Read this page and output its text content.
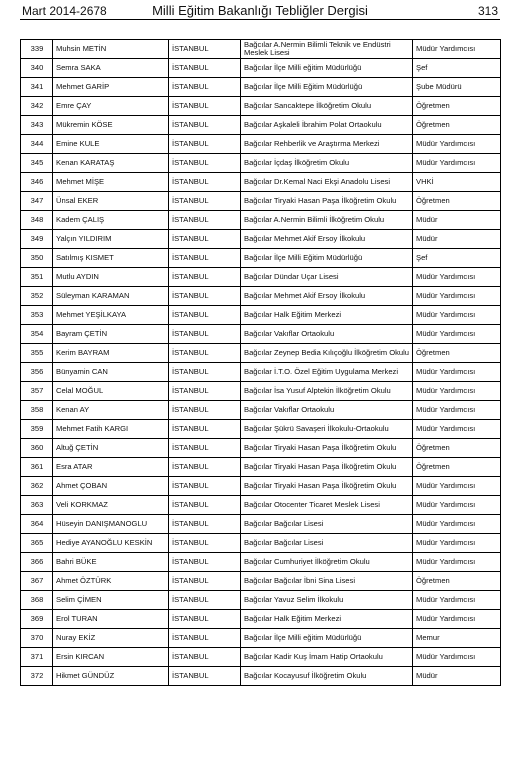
Mart 2014-2678	Milli Eğitim Bakanlığı Tebliğler Dergisi	313
339	Muhsin METİN	İSTANBUL	Bağcılar A.Nermin Bilimli Teknik ve Endüstri Meslek Lisesi	Müdür Yardımcısı
340	Semra SAKA	İSTANBUL	Bağcılar İlçe Milli eğitim Müdürlüğü	Şef
341	Mehmet GARİP	İSTANBUL	Bağcılar İlçe Milli Eğitim Müdürlüğü	Şube Müdürü
342	Emre ÇAY	İSTANBUL	Bağcılar Sancaktepe İlköğretim Okulu	Öğretmen
343	Mükremin KÖSE	İSTANBUL	Bağcılar Aşkaleli İbrahim Polat Ortaokulu	Öğretmen
344	Emine KULE	İSTANBUL	Bağcılar Rehberlik ve Araştırma Merkezi	Müdür Yardımcısı
345	Kenan KARATAŞ	İSTANBUL	Bağcılar İçdaş İlköğretim Okulu	Müdür Yardımcısı
346	Mehmet MİŞE	İSTANBUL	Bağcılar Dr.Kemal Naci Ekşi Anadolu Lisesi	VHKİ
347	Ünsal EKER	İSTANBUL	Bağcılar Tiryaki Hasan Paşa İlköğretim Okulu	Öğretmen
348	Kadem ÇALIŞ	İSTANBUL	Bağcılar A.Nermin Bilimli İlköğretim Okulu	Müdür
349	Yalçın YILDIRIM	İSTANBUL	Bağcılar Mehmet Akif Ersoy İlkokulu	Müdür
350	Satılmış KISMET	İSTANBUL	Bağcılar İlçe Milli Eğitim Müdürlüğü	Şef
351	Mutlu AYDIN	İSTANBUL	Bağcılar Dündar Uçar Lisesi	Müdür Yardımcısı
352	Süleyman KARAMAN	İSTANBUL	Bağcılar Mehmet Akif Ersoy İlkokulu	Müdür Yardımcısı
353	Mehmet YEŞİLKAYA	İSTANBUL	Bağcılar Halk Eğitim Merkezi	Müdür Yardımcısı
354	Bayram ÇETİN	İSTANBUL	Bağcılar Vakıflar Ortaokulu	Müdür Yardımcısı
355	Kerim BAYRAM	İSTANBUL	Bağcılar Zeynep Bedia Kılıçoğlu İlköğretim Okulu	Öğretmen
356	Bünyamin CAN	İSTANBUL	Bağcılar İ.T.O. Özel Eğitim Uygulama Merkezi	Müdür Yardımcısı
357	Celal MOĞUL	İSTANBUL	Bağcılar İsa Yusuf Alptekin İlköğretim Okulu	Müdür Yardımcısı
358	Kenan AY	İSTANBUL	Bağcılar Vakıflar Ortaokulu	Müdür Yardımcısı
359	Mehmet Fatih KARGI	İSTANBUL	Bağcılar Şükrü Savaşeri İlkokulu-Ortaokulu	Müdür Yardımcısı
360	Altuğ ÇETİN	İSTANBUL	Bağcılar Tiryaki Hasan Paşa İlköğretim Okulu	Öğretmen
361	Esra ATAR	İSTANBUL	Bağcılar Tiryaki Hasan Paşa İlköğretim Okulu	Öğretmen
362	Ahmet ÇOBAN	İSTANBUL	Bağcılar Tiryaki Hasan Paşa İlköğretim Okulu	Müdür Yardımcısı
363	Veli KORKMAZ	İSTANBUL	Bağcılar Otocenter Ticaret Meslek Lisesi	Müdür Yardımcısı
364	Hüseyin DANIŞMANOGLU	İSTANBUL	Bağcılar Bağcılar Lisesi	Müdür Yardımcısı
365	Hediye AYANOĞLU KESKİN	İSTANBUL	Bağcılar Bağcılar Lisesi	Müdür Yardımcısı
366	Bahri BÜKE	İSTANBUL	Bağcılar Cumhuriyet İlköğretim Okulu	Müdür Yardımcısı
367	Ahmet ÖZTÜRK	İSTANBUL	Bağcılar Bağcılar İbni Sina Lisesi	Öğretmen
368	Selim ÇİMEN	İSTANBUL	Bağcılar Yavuz Selim İlkokulu	Müdür Yardımcısı
369	Erol TURAN	İSTANBUL	Bağcılar Halk Eğitim Merkezi	Müdür Yardımcısı
370	Nuray EKİZ	İSTANBUL	Bağcılar İlçe Milli eğitim Müdürlüğü	Memur
371	Ersin KIRCAN	İSTANBUL	Bağcılar Kadir Kuş İmam Hatip Ortaokulu	Müdür Yardımcısı
372	Hikmet GÜNDÜZ	İSTANBUL	Bağcılar Kocayusuf İlköğretim Okulu	Müdür
